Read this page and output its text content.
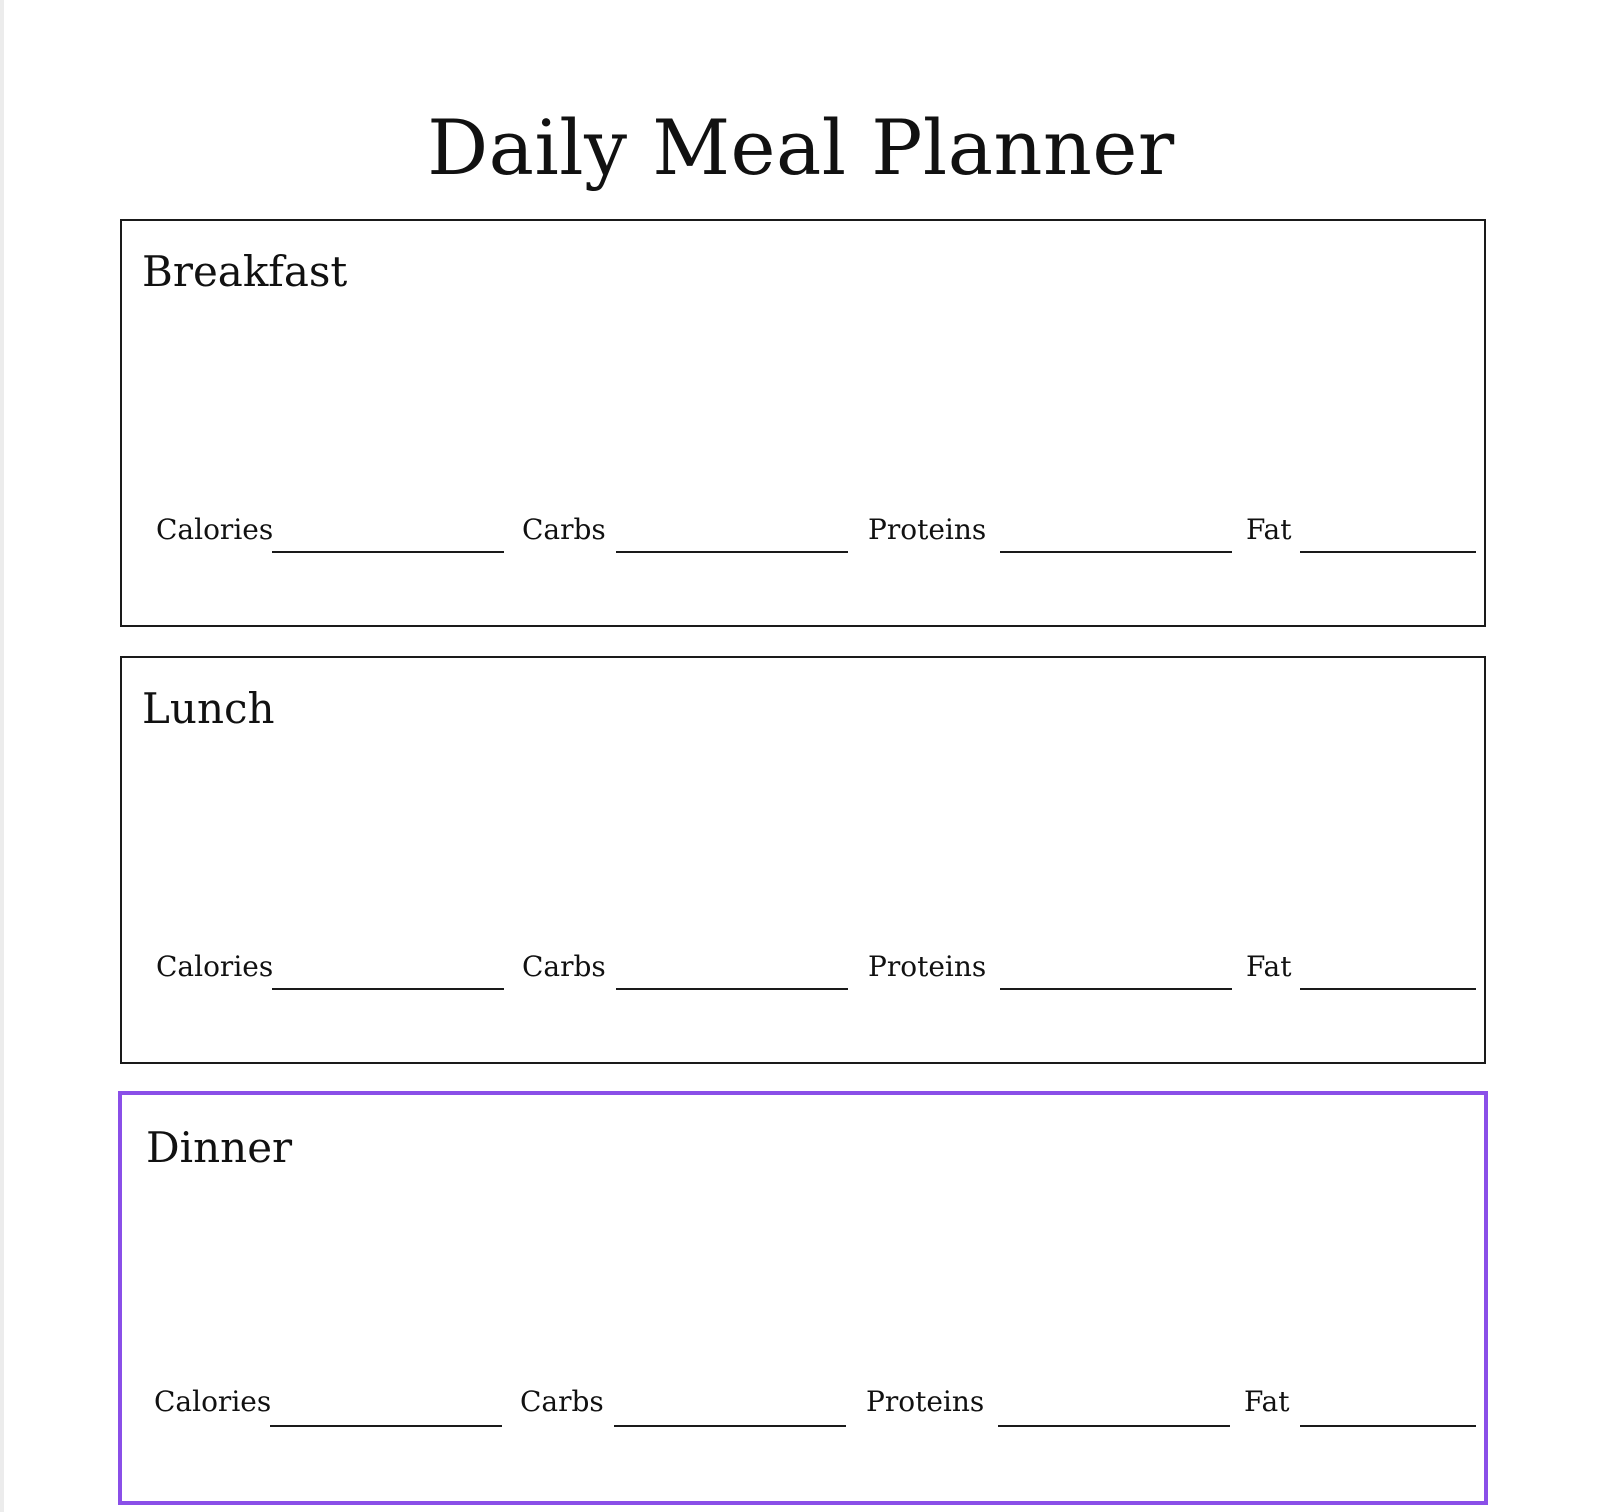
Daily Meal Planner
Breakfast
Calories	Carbs	Proteins	Fat
Lunch
Calories	Carbs	Proteins	Fat
Dinner
Calories	Carbs	Proteins	Fat
